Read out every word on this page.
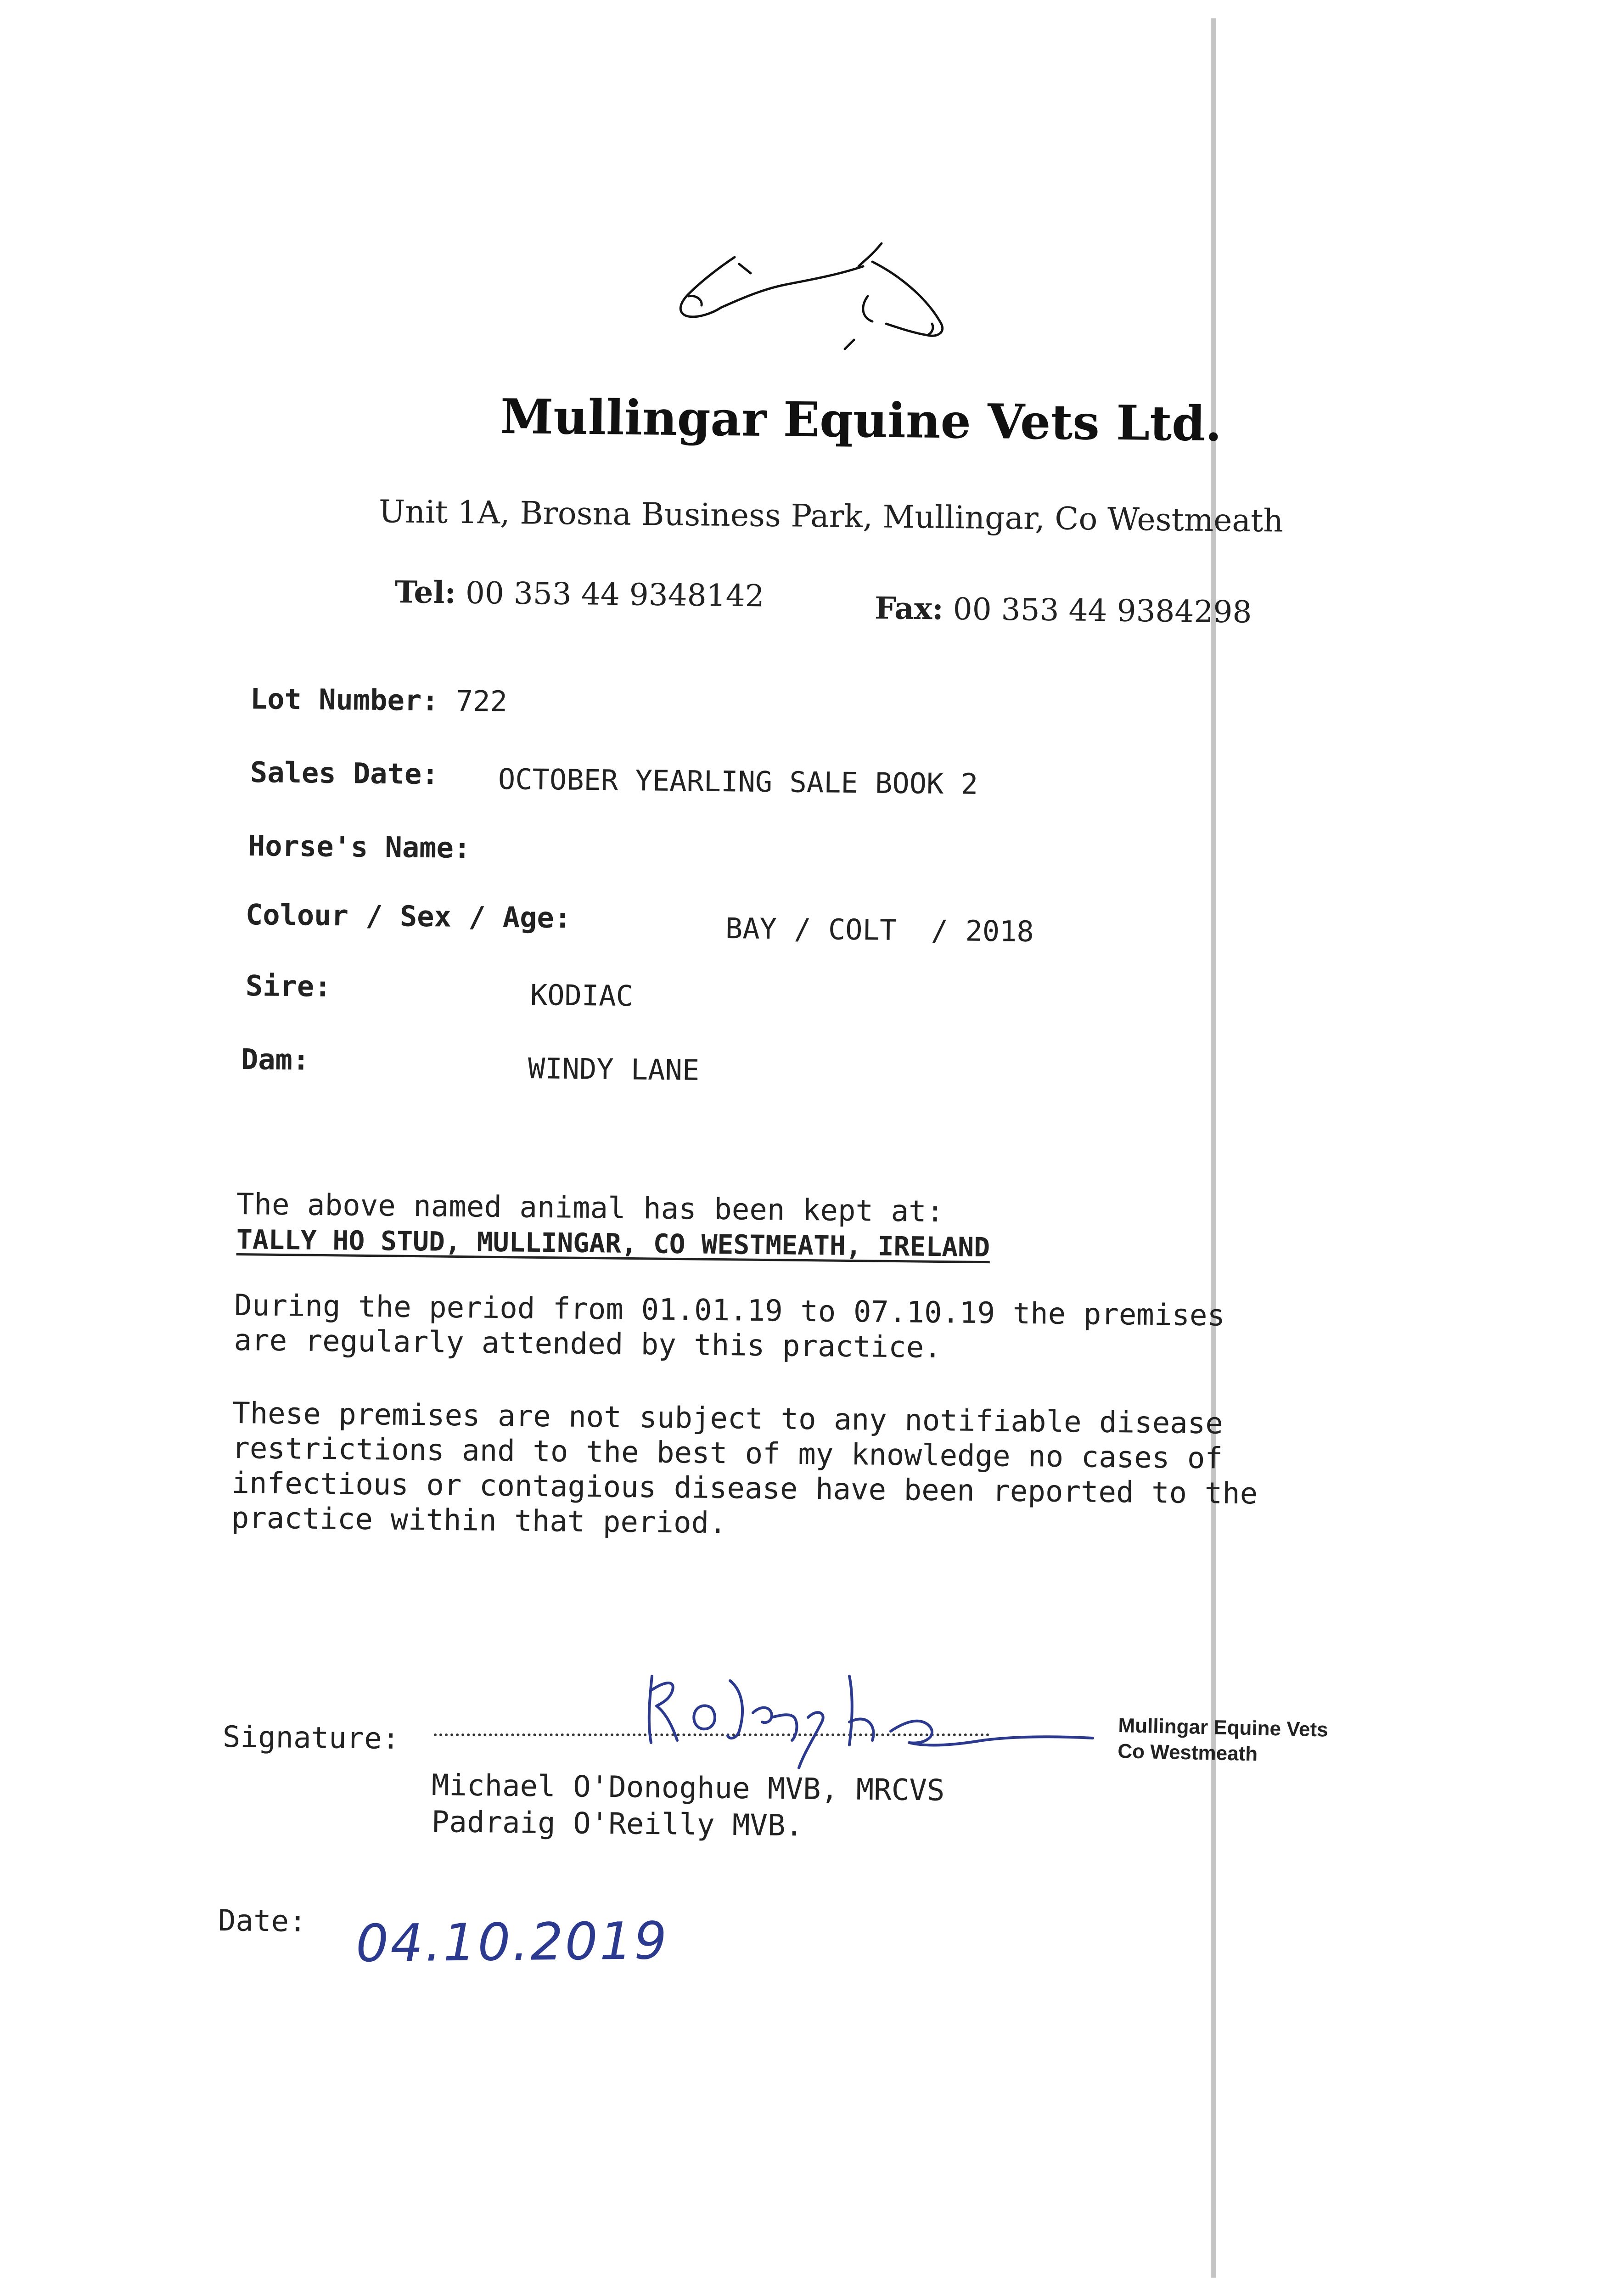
Mullingar Equine Vets Ltd.
Unit 1A, Brosna Business Park, Mullingar, Co Westmeath
Tel: 00 353 44 9348142	Fax: 00 353 44 9384298
Lot Number: 722
Sales Date: OCTOBER YEARLING SALE BOOK 2
Horse's Name:
Colour / Sex / Age:	BAY / COLT  / 2018
Sire:	KODIAC
Dam:	WINDY LANE
The above named animal has been kept at:
TALLY HO STUD, MULLINGAR, CO WESTMEATH, IRELAND
During the period from 01.01.19 to 07.10.19 the premises
are regularly attended by this practice.
These premises are not subject to any notifiable disease
restrictions and to the best of my knowledge no cases of
infectious or contagious disease have been reported to the
practice within that period.
Signature:	Mullingar Equine Vets
Co Westmeath
Michael O'Donoghue MVB, MRCVS
Padraig O'Reilly MVB.
Date: 04.10.2019
